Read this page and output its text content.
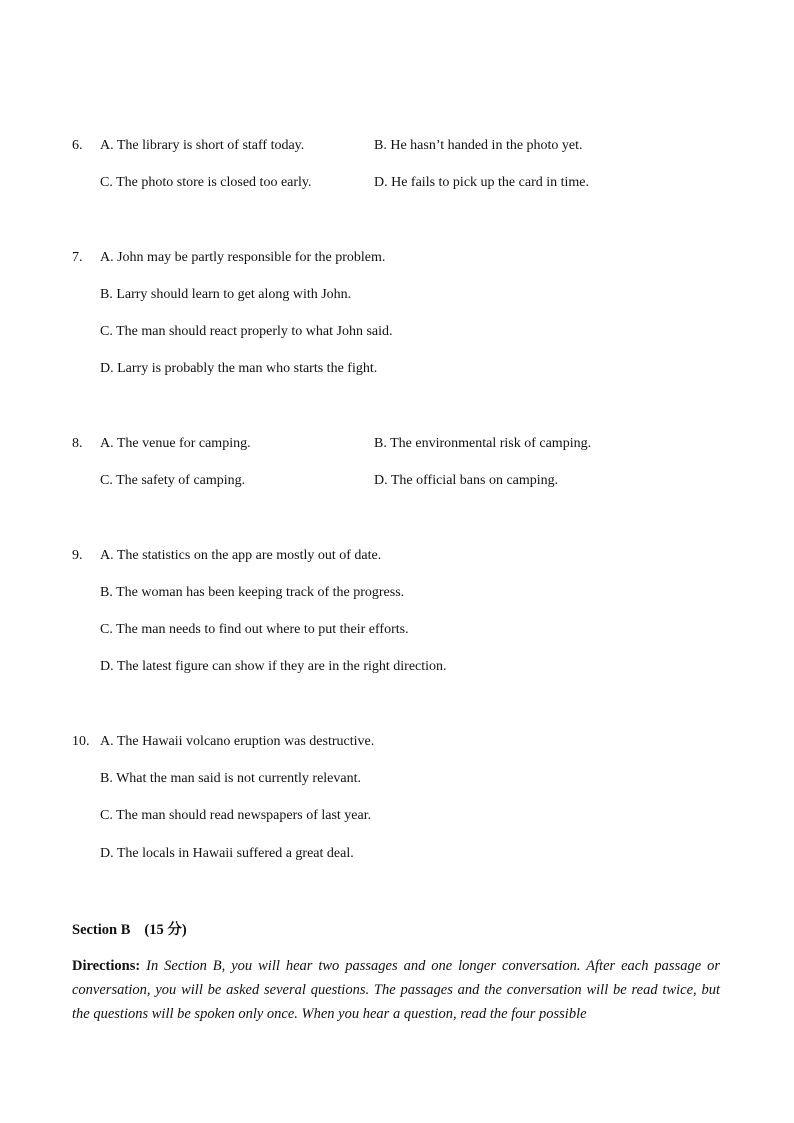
6. A. The library is short of staff today.	B. He hasn’t handed in the photo yet.
C. The photo store is closed too early.	D. He fails to pick up the card in time.
7. A. John may be partly responsible for the problem.
B. Larry should learn to get along with John.
C. The man should react properly to what John said.
D. Larry is probably the man who starts the fight.
8. A. The venue for camping.	B. The environmental risk of camping.
C. The safety of camping.	D. The official bans on camping.
9. A. The statistics on the app are mostly out of date.
B. The woman has been keeping track of the progress.
C. The man needs to find out where to put their efforts.
D. The latest figure can show if they are in the right direction.
10. A. The Hawaii volcano eruption was destructive.
B. What the man said is not currently relevant.
C. The man should read newspapers of last year.
D. The locals in Hawaii suffered a great deal.
Section B (15 分)
Directions: In Section B, you will hear two passages and one longer conversation. After each passage or conversation, you will be asked several questions. The passages and the conversation will be read twice, but the questions will be spoken only once. When you hear a question, read the four possible
